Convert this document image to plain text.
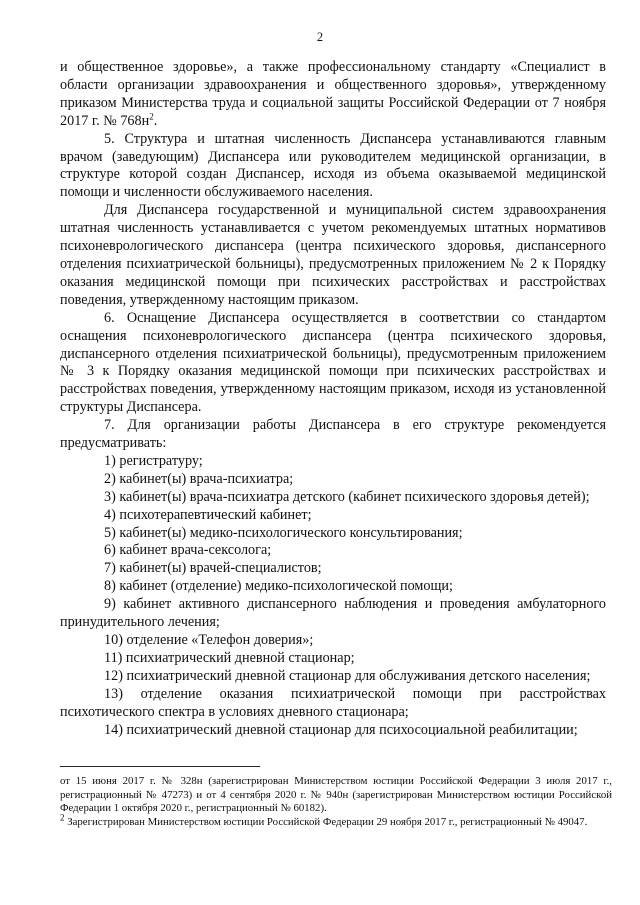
2

и общественное здоровье», а также профессиональному стандарту «Специалист в области организации здравоохранения и общественного здоровья», утвержденному приказом Министерства труда и социальной защиты Российской Федерации от 7 ноября 2017 г. № $768н^2$.

5. Структура и штатная численность Диспансера устанавливаются главным врачом (заведующим) Диспансера или руководителем медицинской организации, в структуре которой создан Диспансер, исходя из объема оказываемой медицинской помощи и численности обслуживаемого населения.

Для Диспансера государственной и муниципальной систем здравоохранения штатная численность устанавливается с учетом рекомендуемых штатных нормативов психоневрологического диспансера (центра психического здоровья, диспансерного отделения психиатрической больницы), предусмотренных приложением № 2 к Порядку оказания медицинской помощи при психических расстройствах и расстройствах поведения, утвержденному настоящим приказом.

6. Оснащение Диспансера осуществляется в соответствии со стандартом оснащения психоневрологического диспансера (центра психического здоровья, диспансерного отделения психиатрической больницы), предусмотренным приложением № 3 к Порядку оказания медицинской помощи при психических расстройствах и расстройствах поведения, утвержденному настоящим приказом, исходя из установленной структуры Диспансера.

7. Для организации работы Диспансера в его структуре рекомендуется предусматривать:

1) регистратуру;
2) кабинет(ы) врача-психиатра;
3) кабинет(ы) врача-психиатра детского (кабинет психического здоровья детей);
4) психотерапевтический кабинет;
5) кабинет(ы) медико-психологического консультирования;
6) кабинет врача-сексолога;
7) кабинет(ы) врачей-специалистов;
8) кабинет (отделение) медико-психологической помощи;
9) кабинет активного диспансерного наблюдения и проведения амбулаторного принудительного лечения;
10) отделение «Телефон доверия»;
11) психиатрический дневной стационар;
12) психиатрический дневной стационар для обслуживания детского населения;
13) отделение оказания психиатрической помощи при расстройствах психотического спектра в условиях дневного стационара;
14) психиатрический дневной стационар для психосоциальной реабилитации;

от 15 июня 2017 г. № 328н (зарегистрирован Министерством юстиции Российской Федерации 3 июля 2017 г., регистрационный № 47273) и от 4 сентября 2020 г. № 940н (зарегистрирован Министерством юстиции Российской Федерации 1 октября 2020 г., регистрационный № 60182).

$^2$ Зарегистрирован Министерством юстиции Российской Федерации 29 ноября 2017 г., регистрационный № 49047.
